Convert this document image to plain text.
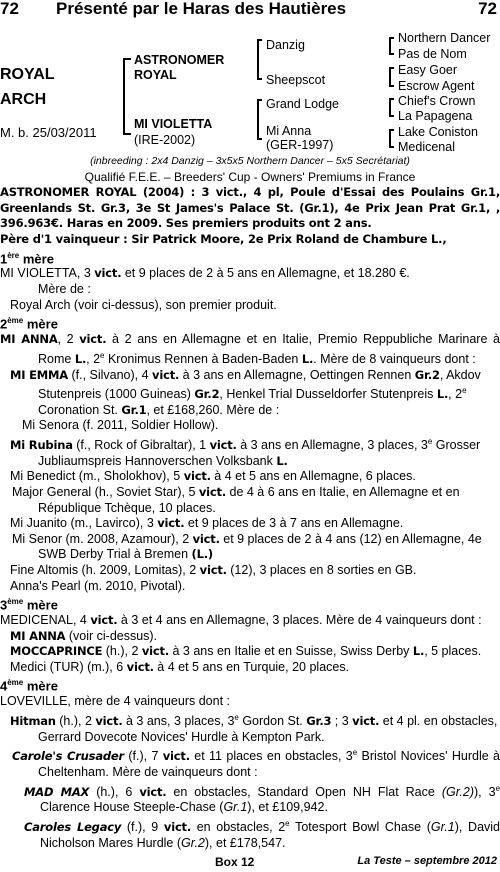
72 Présenté par le Haras des Hautières	72
ROYAL
ARCH
M. b. 25/03/2011
ASTRONOMER
ROYAL
MI VIOLETTA
(IRE-2002)
Danzig
Sheepscot
Grand Lodge
Mi Anna
(GER-1997)
Northern Dancer
Pas de Nom
Easy Goer
Escrow Agent
Chief's Crown
La Papagena
Lake Coniston
Medicenal

(inbreeding : 2x4 Danzig – 3x5x5 Northern Dancer – 5x5 Secrétariat)

Qualifié F.E.E. – Breeders' Cup - Owners' Premiums in France

ASTRONOMER ROYAL (2004) : 3 vict., 4 pl, Poule d'Essai des Poulains Gr.1, Greenlands St. Gr.3, 3e St James's Palace St. (Gr.1), 4e Prix Jean Prat Gr.1, , 396.963€. Haras en 2009. Ses premiers produits ont 2 ans.

Père d'1 vainqueur : Sir Patrick Moore, 2e Prix Roland de Chambure L.,

1ère mère

MI VIOLETTA, 3 vict. et 9 places de 2 à 5 ans en Allemagne, et 18.280 €.

Mère de :

Royal Arch (voir ci-dessus), son premier produit.

2ème mère

MI ANNA, 2 vict. à 2 ans en Allemagne et en Italie, Premio Reppubliche Marinare à Rome L., 2e Kronimus Rennen à Baden-Baden L.. Mère de 8 vainqueurs dont :

MI EMMA (f., Silvano), 4 vict. à 3 ans en Allemagne, Oettingen Rennen Gr.2, Akdov Stutenpreis (1000 Guineas) Gr.2, Henkel Trial Dusseldorfer Stutenpreis L., 2e Coronation St. Gr.1, et £168,260. Mère de :

Mi Senora (f. 2011, Soldier Hollow).

Mi Rubina (f., Rock of Gibraltar), 1 vict. à 3 ans en Allemagne, 3 places, 3e Grosser Jubliaumspreis Hannoverschen Volksbank L.

Mi Benedict (m., Sholokhov), 5 vict. à 4 et 5 ans en Allemagne, 6 places.

Major General (h., Soviet Star), 5 vict. de 4 à 6 ans en Italie, en Allemagne et en République Tchèque, 10 places.

Mi Juanito (m., Lavirco), 3 vict. et 9 places de 3 à 7 ans en Allemagne.

Mi Senor (m. 2008, Azamour), 2 vict. et 9 places de 2 à 4 ans (12) en Allemagne, 4e SWB Derby Trial à Bremen (L.)

Fine Altomis (h. 2009, Lomitas), 2 vict. (12), 3 places en 8 sorties en GB.

Anna's Pearl (m. 2010, Pivotal).

3ème mère

MEDICENAL, 4 vict. à 3 et 4 ans en Allemagne, 3 places. Mère de 4 vainqueurs dont :

MI ANNA (voir ci-dessus).

MOCCAPRINCE (h.), 2 vict. à 3 ans en Italie et en Suisse, Swiss Derby L., 5 places.

Medici (TUR) (m.), 6 vict. à 4 et 5 ans en Turquie, 20 places.

4ème mère

LOVEVILLE, mère de 4 vainqueurs dont :

Hitman (h.), 2 vict. à 3 ans, 3 places, 3e Gordon St. Gr.3 ; 3 vict. et 4 pl. en obstacles, Gerrard Dovecote Novices' Hurdle à Kempton Park.

Carole's Crusader (f.), 7 vict. et 11 places en obstacles, 3e Bristol Novices' Hurdle à Cheltenham. Mère de vainqueurs dont :

MAD MAX (h.), 6 vict. en obstacles, Standard Open NH Flat Race (Gr.2)), 3e Clarence House Steeple-Chase (Gr.1), et £109,942.

Caroles Legacy (f.), 9 vict. en obstacles, 2e Totesport Bowl Chase (Gr.1), David Nicholson Mares Hurdle (Gr.2), et £178,547.

Box 12	La Teste – septembre 2012
